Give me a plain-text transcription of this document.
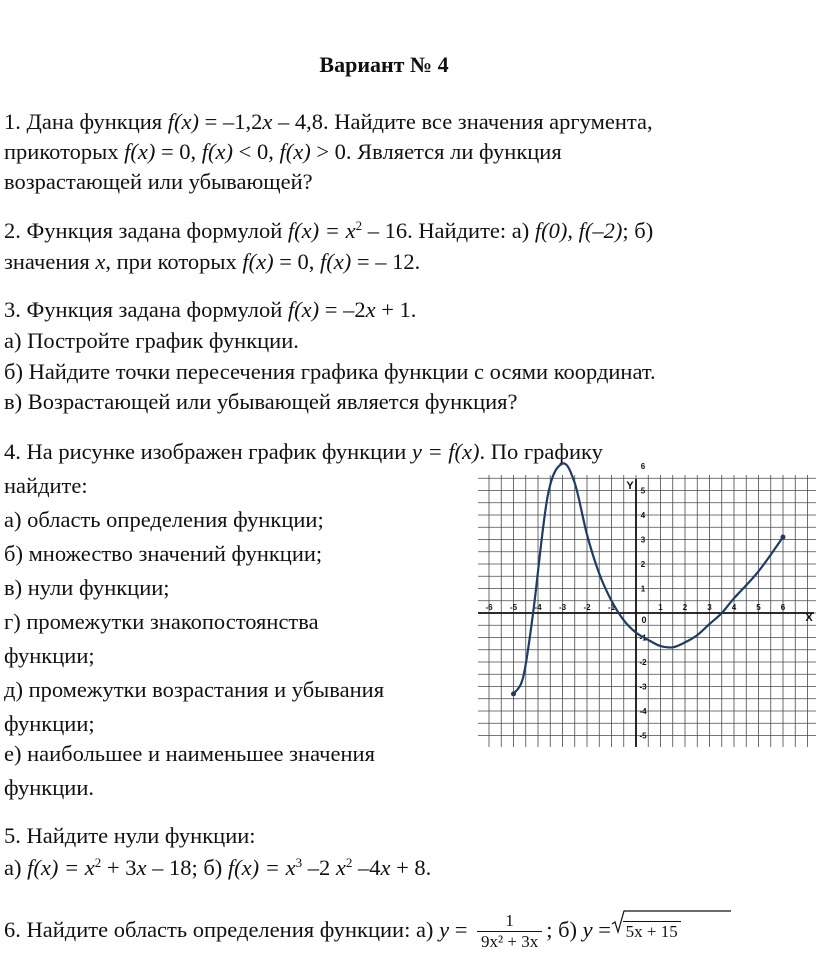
Вариант № 4
1. Дана функция f(x) = –1,2x – 4,8. Найдите все значения аргумента,
прикоторых f(x) = 0, f(x) < 0, f(x) > 0. Является ли функция
возрастающей или убывающей?
2. Функция задана формулой $f(x) = x^2 - 16$. Найдите: а) f(0), f(–2); б)
значения x, при которых f(x) = 0, f(x) = – 12.
3. Функция задана формулой f(x) = –2x + 1.
а) Постройте график функции.
б) Найдите точки пересечения графика функции с осями координат.
в) Возрастающей или убывающей является функция?
4. На рисунке изображен график функции y = f(x). По графику
найдите:
а) область определения функции;
б) множество значений функции;
в) нули функции;
г) промежутки знакопостоянства
функции;
д) промежутки возрастания и убывания
функции;
е) наибольшее и наименьшее значения
функции.
5. Найдите нули функции:
а) $f(x) = x^2 + 3x - 18$; б) $f(x) = x^3$ –2 $x^2$ –4x + 8.
6. Найдите область определения функции: а) $y = \frac{1}{\text{9x² + 3x}}$ ; б) y =
5x + 15
-6 -5 -4 -3 -2 -1	1	2	3	4	5	6
6
5
4
3
2
1
-1
-2
-3
-4
-5
0	X
Y
